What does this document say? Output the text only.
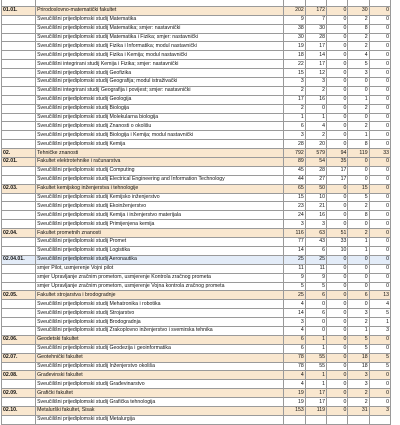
01.01.	Prirodoslovno-matematički fakultet	202	172	0	30	0
	Sveučilišni prijediplomski studij Matematika	9	7	0	2	0
	Sveučilišni prijediplomski studij Matematika; smjer: nastavnički	38	30	0	8	0
	Sveučilišni prijediplomski studij Matematika i Fizika; smjer: nastavnički	30	28	0	2	0
	Sveučilišni prijediplomski studij Fizika i Informatika; modul nastavnički	19	17	0	2	0
	Sveučilišni prijediplomski studij Fizika i Kemija; modul nastavnički	18	14	0	4	0
	Sveučilišni integrirani studij Kemija i Fizika; smjer: nastavnički	22	17	0	5	0
	Sveučilišni prijediplomski studij Geofizika	15	12	0	3	0
	Sveučilišni prijediplomski studij Geografija; modul istraživački	3	3	0	0	0
	Sveučilišni integrirani studij Geografija i povijest; smjer: nastavnički	2	2	0	0	0
	Sveučilišni prijediplomski studij Geologija	17	16	0	1	0
	Sveučilišni prijediplomski studij Biologija	2	0	0	2	0
	Sveučilišni prijediplomski studij Molekularna biologija	1	1	0	0	0
	Sveučilišni prijediplomski studij Znanosti o okolišu	6	4	0	2	0
	Sveučilišni prijediplomski studij Biologija i Kemija; modul nastavnički	3	2	0	1	0
	Sveučilišni prijediplomski studij Kemija	28	20	0	8	0
02.	Tehničke znanosti	792	579	94	119	33
02.01.	Fakultet elektrotehnike i računarstva	89	54	35	0	0
	Sveučilišni prijediplomski studij Computing	45	28	17	0	0
	Sveučilišni prijediplomski studij Electrical Engineering and Information Technology	44	27	17	0	0
02.03.	Fakultet kemijskog inženjerstva i tehnologije	65	50	0	15	0
	Sveučilišni prijediplomski studij Kemijsko inženjerstvo	15	10	0	5	0
	Sveučilišni prijediplomski studij Ekoinženjerstvo	23	21	0	2	0
	Sveučilišni prijediplomski studij Kemija i inženjerstvo materijala	24	16	0	8	0
	Sveučilišni prijediplomski studij Primijenjena kemija	3	3	0	0	0
02.04.	Fakultet prometnih znanosti	116	63	51	2	0
	Sveučilišni prijediplomski studij Promet	77	43	33	1	0
	Sveučilišni prijediplomski studij Logistika	14	6	10	1	0
02.04.01.	Sveučilišni prijediplomski studij Aeronautika	25	25	0	0	0
	smjer Pilot, usmjerenje Vojni pilot	11	11	0	0	0
	smjer Upravljanje zračnim prometom, usmjerenje Kontrola zračnog prometa	9	9	0	0	0
	smjer Upravljanje zračnim prometom, usmjerenje Vojna kontrola zračnog prometa	5	5	0	0	0
02.05.	Fakultet strojarstva i brodogradnje	25	6	0	6	13
	Sveučilišni prijediplomski studij Mehatronika i robotika	4	0	0	0	4
	Sveučilišni prijediplomski studij Strojarstvo	14	6	0	3	5
	Sveučilišni prijediplomski studij Brodogradnja	3	0	0	2	1
	Sveučilišni prijediplomski studij Zrakoplovno inženjerstvo i svemirska tehnika	4	0	0	1	3
02.06.	Geodetski fakultet	6	1	0	5	0
	Sveučilišni prijediplomski studij Geodezija i geoinformatika	6	1	0	5	0
02.07.	Geotehnički fakultet	78	55	0	18	5
	Sveučilišni prijediplomski studij Inženjerstvo okoliša	78	55	0	18	5
02.08.	Građevinski fakultet	4	1	0	3	0
	Sveučilišni prijediplomski studij Građevinarstvo	4	1	0	3	0
02.09.	Grafički fakultet	19	17	0	2	0
	Sveučilišni prijediplomski studij Grafička tehnologija	19	17	0	2	0
02.10.	Metalurški fakultet, Sisak	153	119	0	31	3
	Sveučilišni prijediplomski studij Metalurgija					
